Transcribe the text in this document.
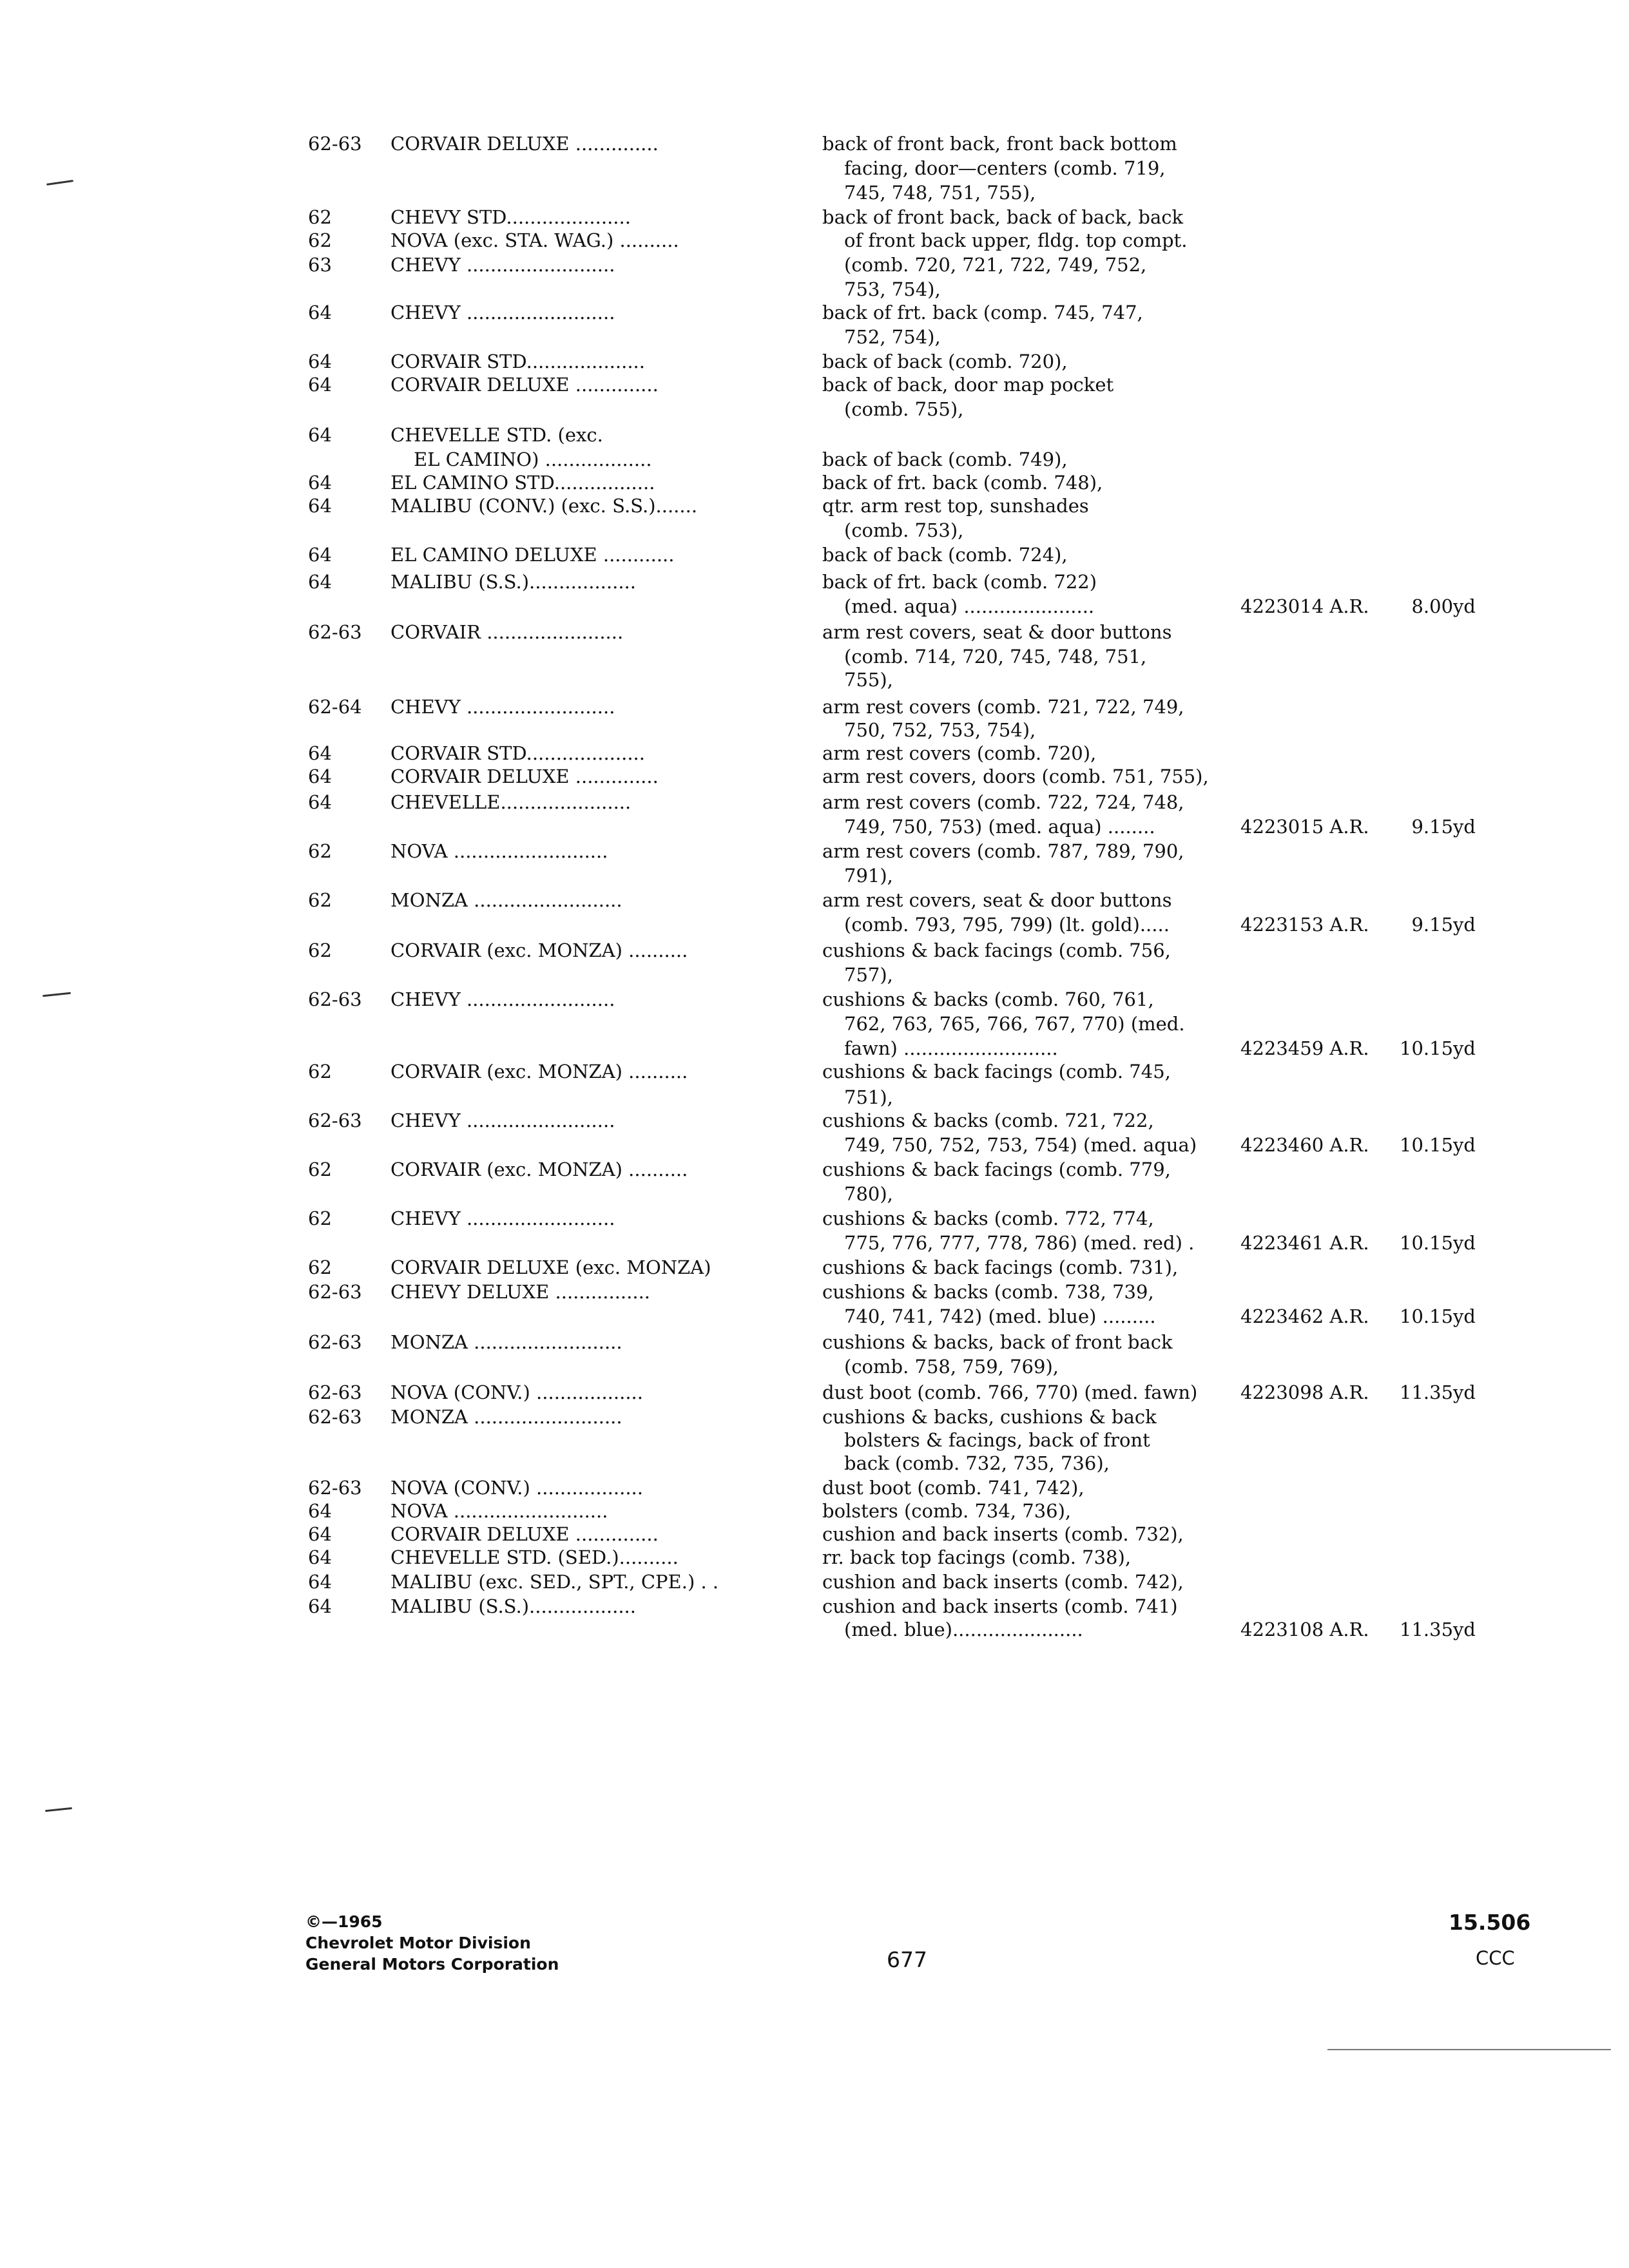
62-63	CORVAIR DELUXE ..............	back of front back, front back bottom
facing, door—centers (comb. 719,
745, 748, 751, 755),
62	CHEVY STD.....................	back of front back, back of back, back
62	NOVA (exc. STA. WAG.) ..........	of front back upper, fldg. top compt.
63	CHEVY .........................	(comb. 720, 721, 722, 749, 752,
753, 754),
64	CHEVY .........................	back of frt. back (comp. 745, 747,
752, 754),
64	CORVAIR STD....................	back of back (comb. 720),
64	CORVAIR DELUXE ..............	back of back, door map pocket
(comb. 755),
64	CHEVELLE STD. (exc.
EL CAMINO) ..................	back of back (comb. 749),
64	EL CAMINO STD.................	back of frt. back (comb. 748),
64	MALIBU (CONV.) (exc. S.S.).......	qtr. arm rest top, sunshades
(comb. 753),
64	EL CAMINO DELUXE ............	back of back (comb. 724),
64	MALIBU (S.S.)..................	back of frt. back (comb. 722)
(med. aqua) ......................	4223014 A.R.	8.00yd
62-63	CORVAIR .......................	arm rest covers, seat & door buttons
(comb. 714, 720, 745, 748, 751,
755),
62-64	CHEVY .........................	arm rest covers (comb. 721, 722, 749,
750, 752, 753, 754),
64	CORVAIR STD....................	arm rest covers (comb. 720),
64	CORVAIR DELUXE ..............	arm rest covers, doors (comb. 751, 755),
64	CHEVELLE......................	arm rest covers (comb. 722, 724, 748,
749, 750, 753) (med. aqua) ........	4223015 A.R.	9.15yd
62	NOVA ..........................	arm rest covers (comb. 787, 789, 790,
791),
62	MONZA .........................	arm rest covers, seat & door buttons
(comb. 793, 795, 799) (lt. gold).....	4223153 A.R.	9.15yd
62	CORVAIR (exc. MONZA) ..........	cushions & back facings (comb. 756,
757),
62-63	CHEVY .........................	cushions & backs (comb. 760, 761,
762, 763, 765, 766, 767, 770) (med.
fawn) ..........................	4223459 A.R.	10.15yd
62	CORVAIR (exc. MONZA) ..........	cushions & back facings (comb. 745,
751),
62-63	CHEVY .........................	cushions & backs (comb. 721, 722,
749, 750, 752, 753, 754) (med. aqua)	4223460 A.R.	10.15yd
62	CORVAIR (exc. MONZA) ..........	cushions & back facings (comb. 779,
780),
62	CHEVY .........................	cushions & backs (comb. 772, 774,
775, 776, 777, 778, 786) (med. red) .	4223461 A.R.	10.15yd
62	CORVAIR DELUXE (exc. MONZA)	cushions & back facings (comb. 731),
62-63	CHEVY DELUXE ................	cushions & backs (comb. 738, 739,
740, 741, 742) (med. blue) .........	4223462 A.R.	10.15yd
62-63	MONZA .........................	cushions & backs, back of front back
(comb. 758, 759, 769),
62-63	NOVA (CONV.) ..................	dust boot (comb. 766, 770) (med. fawn)	4223098 A.R.	11.35yd
62-63	MONZA .........................	cushions & backs, cushions & back
bolsters & facings, back of front
back (comb. 732, 735, 736),
62-63	NOVA (CONV.) ..................	dust boot (comb. 741, 742),
64	NOVA ..........................	bolsters (comb. 734, 736),
64	CORVAIR DELUXE ..............	cushion and back inserts (comb. 732),
64	CHEVELLE STD. (SED.)..........	rr. back top facings (comb. 738),
64	MALIBU (exc. SED., SPT., CPE.) . .	cushion and back inserts (comb. 742),
64	MALIBU (S.S.)..................	cushion and back inserts (comb. 741)
(med. blue)......................	4223108 A.R.	11.35yd
©—1965
Chevrolet Motor Division
General Motors Corporation	677
15.506
CCC
